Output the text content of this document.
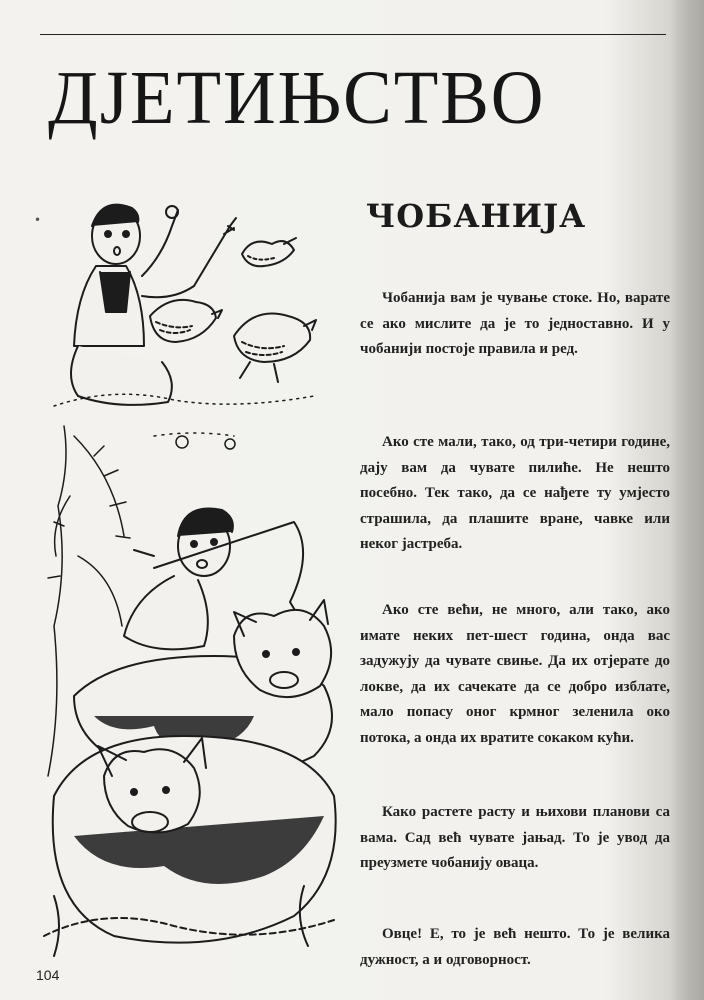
ДЈЕТИЊСТВО
ЧОБАНИЈА
Чобанија вам је чување стоке. Но, варате се ако мислите да је то једноставно. И у чобанији постоје правила и ред.
Ако сте мали, тако, од три-четири године, дају вам да чувате пилиће. Не нешто посебно. Тек тако, да се нађете ту умјесто страшила, да плашите вране, чавке или неког јастреба.
Ако сте већи, не много, али тако, ако имате неких пет-шест година, онда вас задужују да чувате свиње. Да их отјерате до локве, да их сачекате да се добро изблате, мало попасу оног крмног зеленила око потока, а онда их вратите сокаком кући.
Како растете расту и њихови планови са вама. Сад већ чувате јањад. То је увод да преузмете чобанију оваца.
Овце! Е, то је већ нешто. То је велика дужност, а и одговорност.
104
•
